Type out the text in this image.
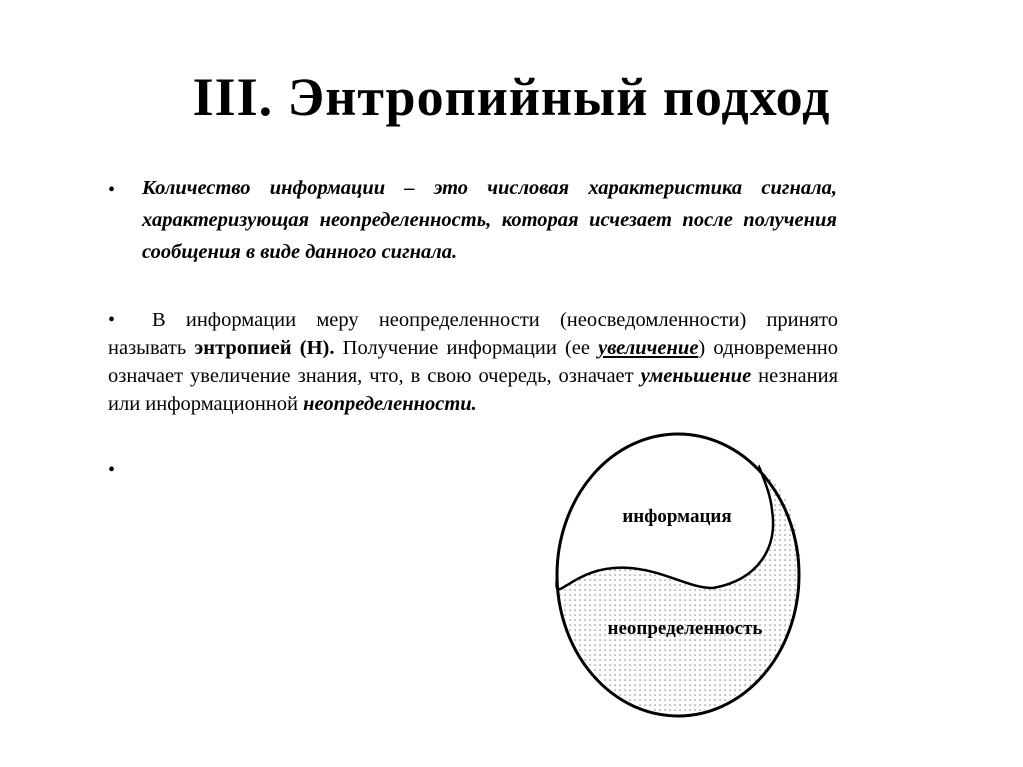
III. Энтропийный подход
• Количество информации – это числовая характеристика сигнала, характеризующая неопределенность, которая исчезает после получения сообщения в виде данного сигнала.
•	В информации меру неопределенности (неосведомленности) принято называть энтропией (H). Получение информации (ее увеличение) одновременно означает увеличение знания, что, в свою очередь, означает уменьшение незнания или информационной неопределенности.
•
информация
неопределенность
